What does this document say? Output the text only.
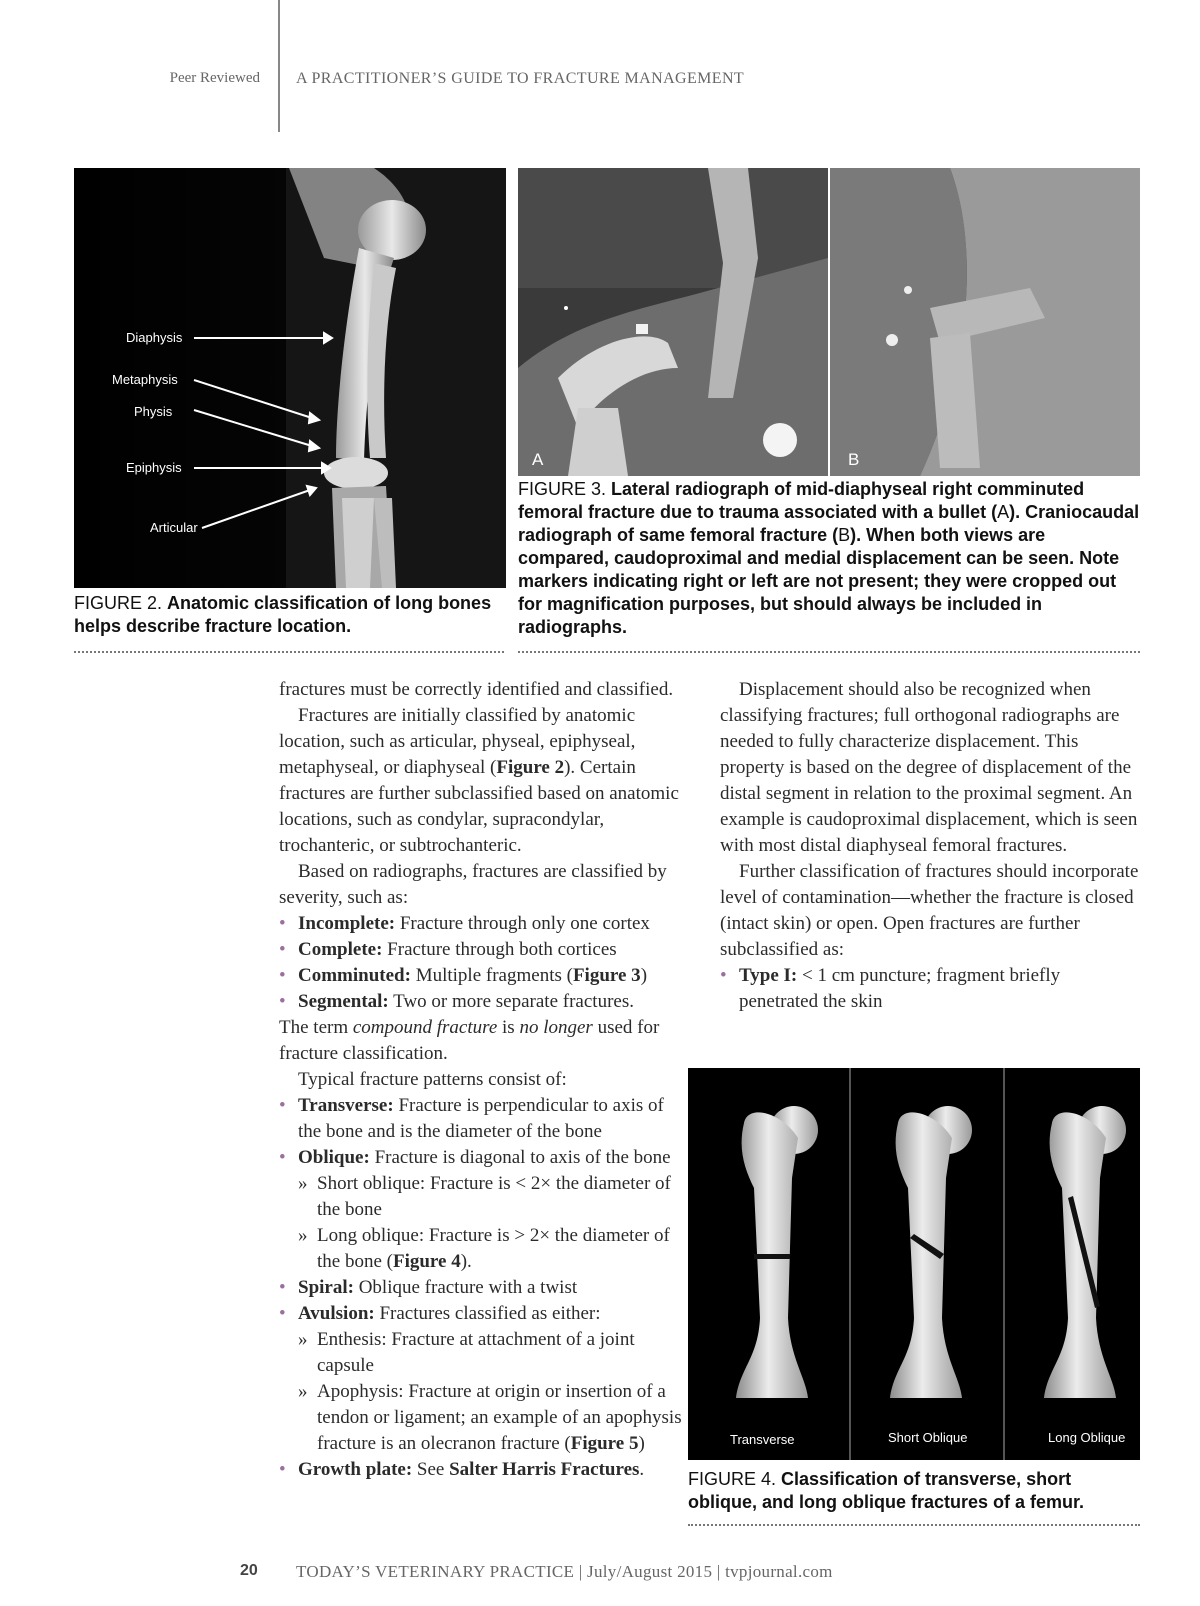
Peer Reviewed A PRACTITIONER’S GUIDE TO FRACTURE MANAGEMENT
Diaphysis
Metaphysis
Physis
Epiphysis
Articular
FIGURE 2. Anatomic classification of long bones helps describe fracture location.
A	B
FIGURE 3. Lateral radiograph of mid-diaphyseal right comminuted femoral fracture due to trauma associated with a bullet (A). Craniocaudal radiograph of same femoral fracture (B). When both views are compared, caudoproximal and medial displacement can be seen. Note markers indicating right or left are not present; they were cropped out for magnification purposes, but should always be included in radiographs.

fractures must be correctly identified and classified.

Fractures are initially classified by anatomic location, such as articular, physeal, epiphyseal, metaphyseal, or diaphyseal (Figure 2). Certain fractures are further subclassified based on anatomic locations, such as condylar, supracondylar, trochanteric, or subtrochanteric.

Based on radiographs, fractures are classified by severity, such as:

• Incomplete: Fracture through only one cortex

• Complete: Fracture through both cortices

• Comminuted: Multiple fragments (Figure 3)

• Segmental: Two or more separate fractures.

The term compound fracture is no longer used for fracture classification.

Typical fracture patterns consist of:

• Transverse: Fracture is perpendicular to axis of the bone and is the diameter of the bone

• Oblique: Fracture is diagonal to axis of the bone

» Short oblique: Fracture is < 2× the diameter of the bone

» Long oblique: Fracture is > 2× the diameter of the bone (Figure 4).

• Spiral: Oblique fracture with a twist

• Avulsion: Fractures classified as either:

» Enthesis: Fracture at attachment of a joint capsule

» Apophysis: Fracture at origin or insertion of a tendon or ligament; an example of an apophysis fracture is an olecranon fracture (Figure 5)

• Growth plate: See Salter Harris Fractures.

Displacement should also be recognized when classifying fractures; full orthogonal radiographs are needed to fully characterize displacement. This property is based on the degree of displacement of the distal segment in relation to the proximal segment. An example is caudoproximal displacement, which is seen with most distal diaphyseal femoral fractures.

Further classification of fractures should incorporate level of contamination—whether the fracture is closed (intact skin) or open. Open fractures are further subclassified as:

• Type I: < 1 cm puncture; fragment briefly penetrated the skin

Transverse	Short Oblique	Long Oblique
FIGURE 4. Classification of transverse, short oblique, and long oblique fractures of a femur.
20 TODAY’S VETERINARY PRACTICE | July/August 2015 | tvpjournal.com
